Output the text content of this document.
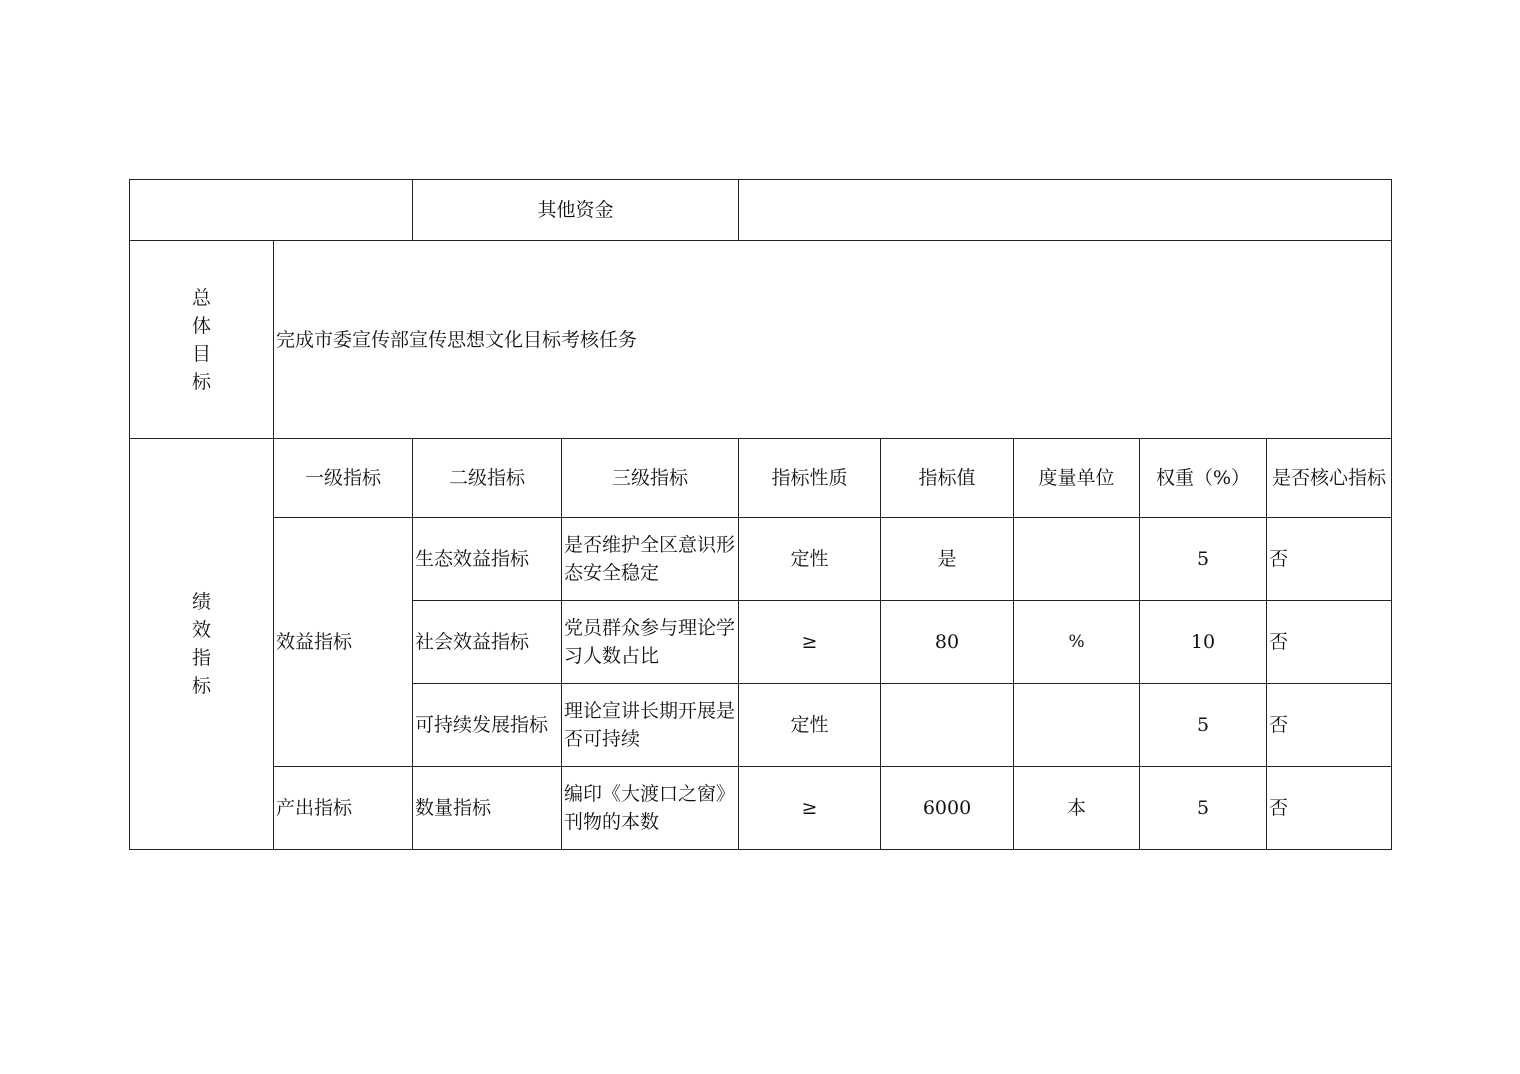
		其他资金						

总
体
目
标	完成市委宣传部宣传思想文化目标考核任务							

绩
效
指
标	一级指标	二级指标	三级指标	指标性质	指标值	度量单位	权重（%）	是否核心指标
	效益指标	生态效益指标	是否维护全区意识形态安全稳定	定性	是		5	否
		社会效益指标	党员群众参与理论学习人数占比	≥	80	%	10	否
		可持续发展指标	理论宣讲长期开展是否可持续	定性			5	否
	产出指标	数量指标	编印《大渡口之窗》刊物的本数	≥	6000	本	5	否
